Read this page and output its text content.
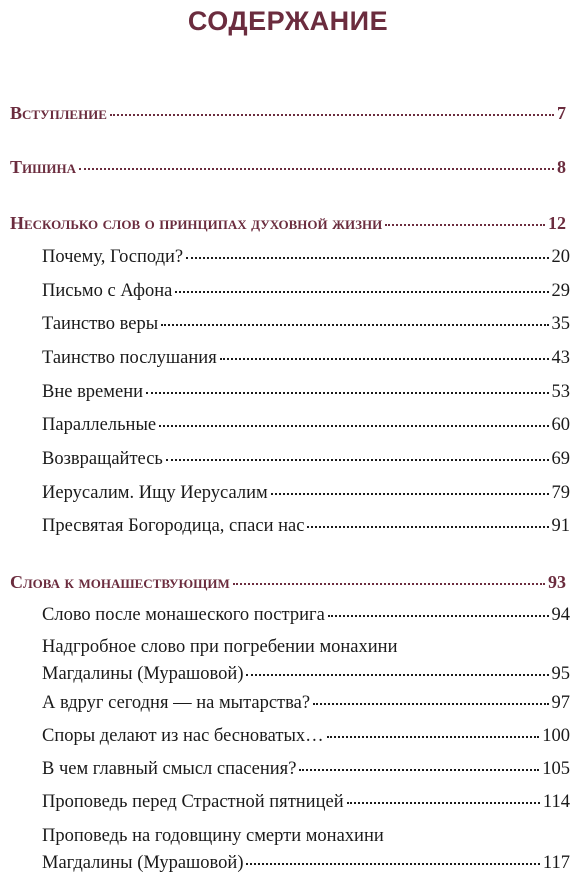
СОДЕРЖАНИЕ
Вступление	7
Тишина	8
Несколько слов о принципах духовной жизни	12
Почему, Господи?	20
Письмо с Афона	29
Таинство веры	35
Таинство послушания	43
Вне времени	53
Параллельные	60
Возвращайтесь	69
Иерусалим. Ищу Иерусалим	79
Пресвятая Богородица, спаси нас	91
Слова к монашествующим	93
Слово после монашеского пострига	94
Надгробное слово при погребении монахини
Магдалины (Мурашовой)	95
А вдруг сегодня — на мытарства?	97
Споры делают из нас бесноватых…	100
В чем главный смысл спасения?	105
Проповедь перед Страстной пятницей	114
Проповедь на годовщину смерти монахини
Магдалины (Мурашовой)	117
